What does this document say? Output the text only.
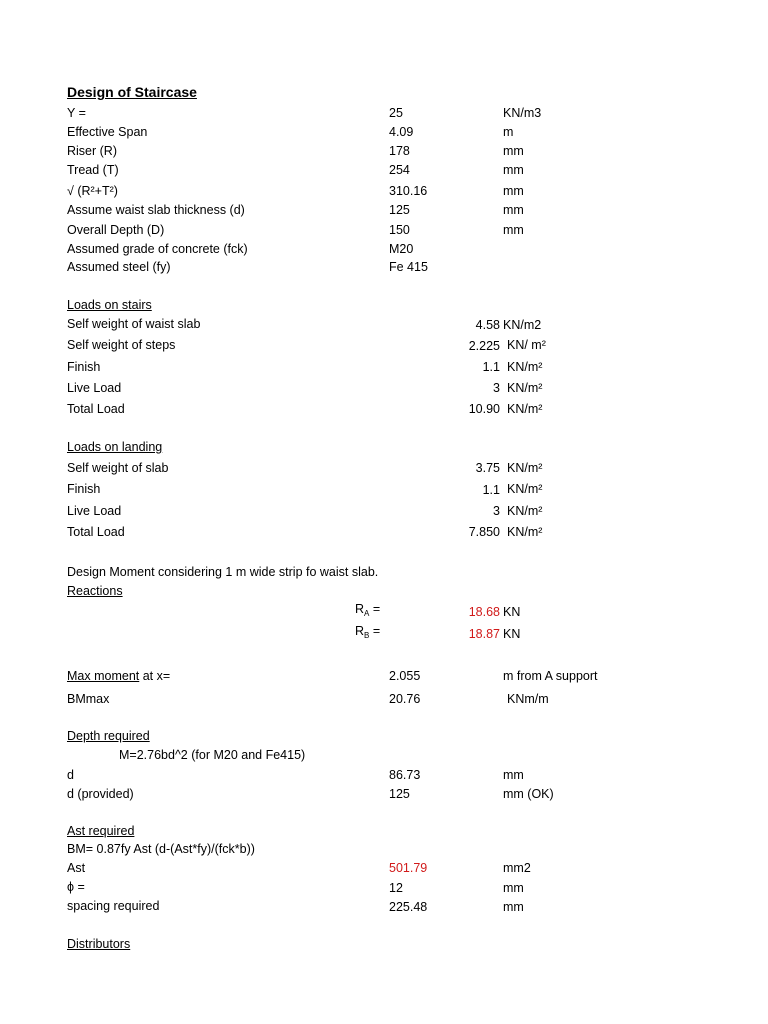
Design of Staircase
Y =	25	KN/m3
Effective Span	4.09	m
Riser (R)	178	mm
Tread (T)	254	mm
√ (R²+T²)	310.16	mm
Assume waist slab thickness (d)	125	mm
Overall Depth (D)	150	mm
Assumed grade of concrete (fck)	M20
Assumed steel (fy)	Fe 415
Loads on stairs
Self weight of waist slab	4.58 KN/m2
Self weight of steps	2.225 KN/ m²
Finish	1.1 KN/m²
Live Load	3 KN/m²
Total Load	10.90 KN/m²
Loads on landing
Self weight of slab	3.75 KN/m²
Finish	1.1 KN/m²
Live Load	3 KN/m²
Total Load	7.850 KN/m²
Design Moment considering 1 m wide strip fo waist slab.
Reactions
$R_A$ =	18.68 KN
$R_B$ =	18.87 KN
Max moment at x=	2.055	m from A support
BMmax	20.76	KNm/m
Depth required
M=2.76bd^2 (for M20 and Fe415)
d	86.73	mm
d (provided)	125	mm (OK)
Ast required
BM= 0.87fy Ast (d-(Ast*fy)/(fck*b))
Ast	501.79	mm2
ϕ =	12	mm
spacing required	225.48	mm
Distributors
